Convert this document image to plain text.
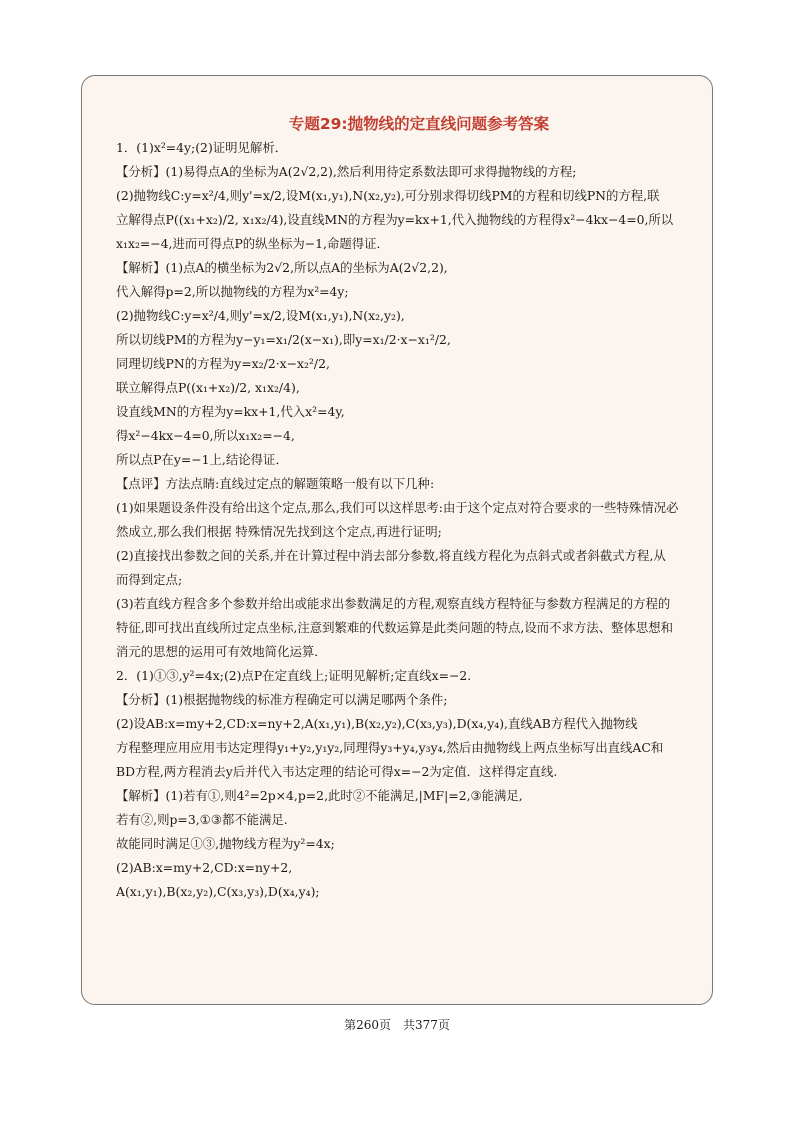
专题29:抛物线的定直线问题参考答案
1．(1)x²=4y;(2)证明见解析．
【分析】(1)易得点A的坐标为A(2√2,2),然后利用待定系数法即可求得抛物线的方程;
(2)抛物线C:y=x²/4,则y'=x/2,设M(x₁,y₁),N(x₂,y₂),可分别求得切线PM的方程和切线PN的方程,联
立解得点P((x₁+x₂)/2, x₁x₂/4),设直线MN的方程为y=kx+1,代入抛物线的方程得x²−4kx−4=0,所以
x₁x₂=−4,进而可得点P的纵坐标为−1,命题得证．
【解析】(1)点A的横坐标为2√2,所以点A的坐标为A(2√2,2),
代入解得p=2,所以抛物线的方程为x²=4y;
(2)抛物线C:y=x²/4,则y'=x/2,设M(x₁,y₁),N(x₂,y₂),
所以切线PM的方程为y−y₁=x₁/2(x−x₁),即y=x₁/2·x−x₁²/2,
同理切线PN的方程为y=x₂/2·x−x₂²/2,
联立解得点P((x₁+x₂)/2, x₁x₂/4),
设直线MN的方程为y=kx+1,代入x²=4y,
得x²−4kx−4=0,所以x₁x₂=−4,
所以点P在y=−1上,结论得证．
【点评】方法点睛:直线过定点的解题策略一般有以下几种:
(1)如果题设条件没有给出这个定点,那么,我们可以这样思考:由于这个定点对符合要求的一些特殊情况必
然成立,那么我们根据 特殊情况先找到这个定点,再进行证明;
(2)直接找出参数之间的关系,并在计算过程中消去部分参数,将直线方程化为点斜式或者斜截式方程,从
而得到定点;
(3)若直线方程含多个参数并给出或能求出参数满足的方程,观察直线方程特征与参数方程满足的方程的
特征,即可找出直线所过定点坐标,注意到繁难的代数运算是此类问题的特点,设而不求方法、整体思想和
消元的思想的运用可有效地简化运算．
2．(1)①③,y²=4x;(2)点P在定直线上;证明见解析;定直线x=−2.
【分析】(1)根据抛物线的标准方程确定可以满足哪两个条件;
(2)设AB:x=my+2,CD:x=ny+2,A(x₁,y₁),B(x₂,y₂),C(x₃,y₃),D(x₄,y₄),直线AB方程代入抛物线
方程整理应用应用韦达定理得y₁+y₂,y₁y₂,同理得y₃+y₄,y₃y₄,然后由抛物线上两点坐标写出直线AC和
BD方程,两方程消去y后并代入韦达定理的结论可得x=−2为定值．这样得定直线.
【解析】(1)若有①,则4²=2p×4,p=2,此时②不能满足,|MF|=2,③能满足,
若有②,则p=3,①③都不能满足.
故能同时满足①③,抛物线方程为y²=4x;
(2)AB:x=my+2,CD:x=ny+2,
A(x₁,y₁),B(x₂,y₂),C(x₃,y₃),D(x₄,y₄);
第260页　共377页
